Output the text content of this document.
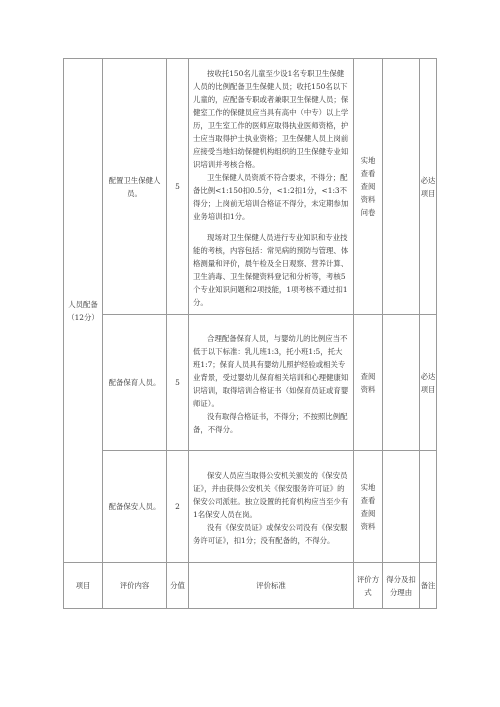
人员配备（12分）	配置卫生保健人员。	5	按收托150名儿童至少设1名专职卫生保健人员的比例配备卫生保健人员；收托150名以下儿童的，应配备专职或者兼职卫生保健人员；保健室工作的保健员应当具有高中（中专）以上学历，卫生室工作的医师应取得执业医师资格，护士应当取得护士执业资格；卫生保健人员上岗前应接受当地妇幼保健机构组织的卫生保健专业知识培训并考核合格。

卫生保健人员资质不符合要求，不得分；配备比例<1:150扣0.5分，<1:2扣1分，<1:3不得分；上岗前无培训合格证不得分，未定期参加业务培训扣1分。

现场对卫生保健人员进行专业知识和专业技能的考核，内容包括：常见病的预防与管理、体格测量和评价，晨午检及全日观察、营养计算、卫生消毒、卫生保健资料登记和分析等，考核5个专业知识问题和2项技能，1项考核不通过扣1分。	实地查看查阅资料问卷		必达项目
	配备保育人员。	5	合理配备保育人员，与婴幼儿的比例应当不低于以下标准：乳儿班1:3，托小班1:5，托大班1:7；保育人员具有婴幼儿照护经验或相关专业背景，受过婴幼儿保育相关培训和心理健康知识培训，取得培训合格证书（如保育员证或育婴师证）。

没有取得合格证书，不得分；不按照比例配备，不得分。	查阅资料		必达项目
	配备保安人员。	2	保安人员应当取得公安机关颁发的《保安员证》，并由获得公安机关《保安服务许可证》的保安公司派驻。独立设置的托育机构应当至少有1名保安人员在岗。

没有《保安员证》或保安公司没有《保安服务许可证》，扣1分；没有配备的，不得分。	实地查看查阅资料		
项目	评价内容	分值	评价标准	评价方式	得分及扣分理由	备注
